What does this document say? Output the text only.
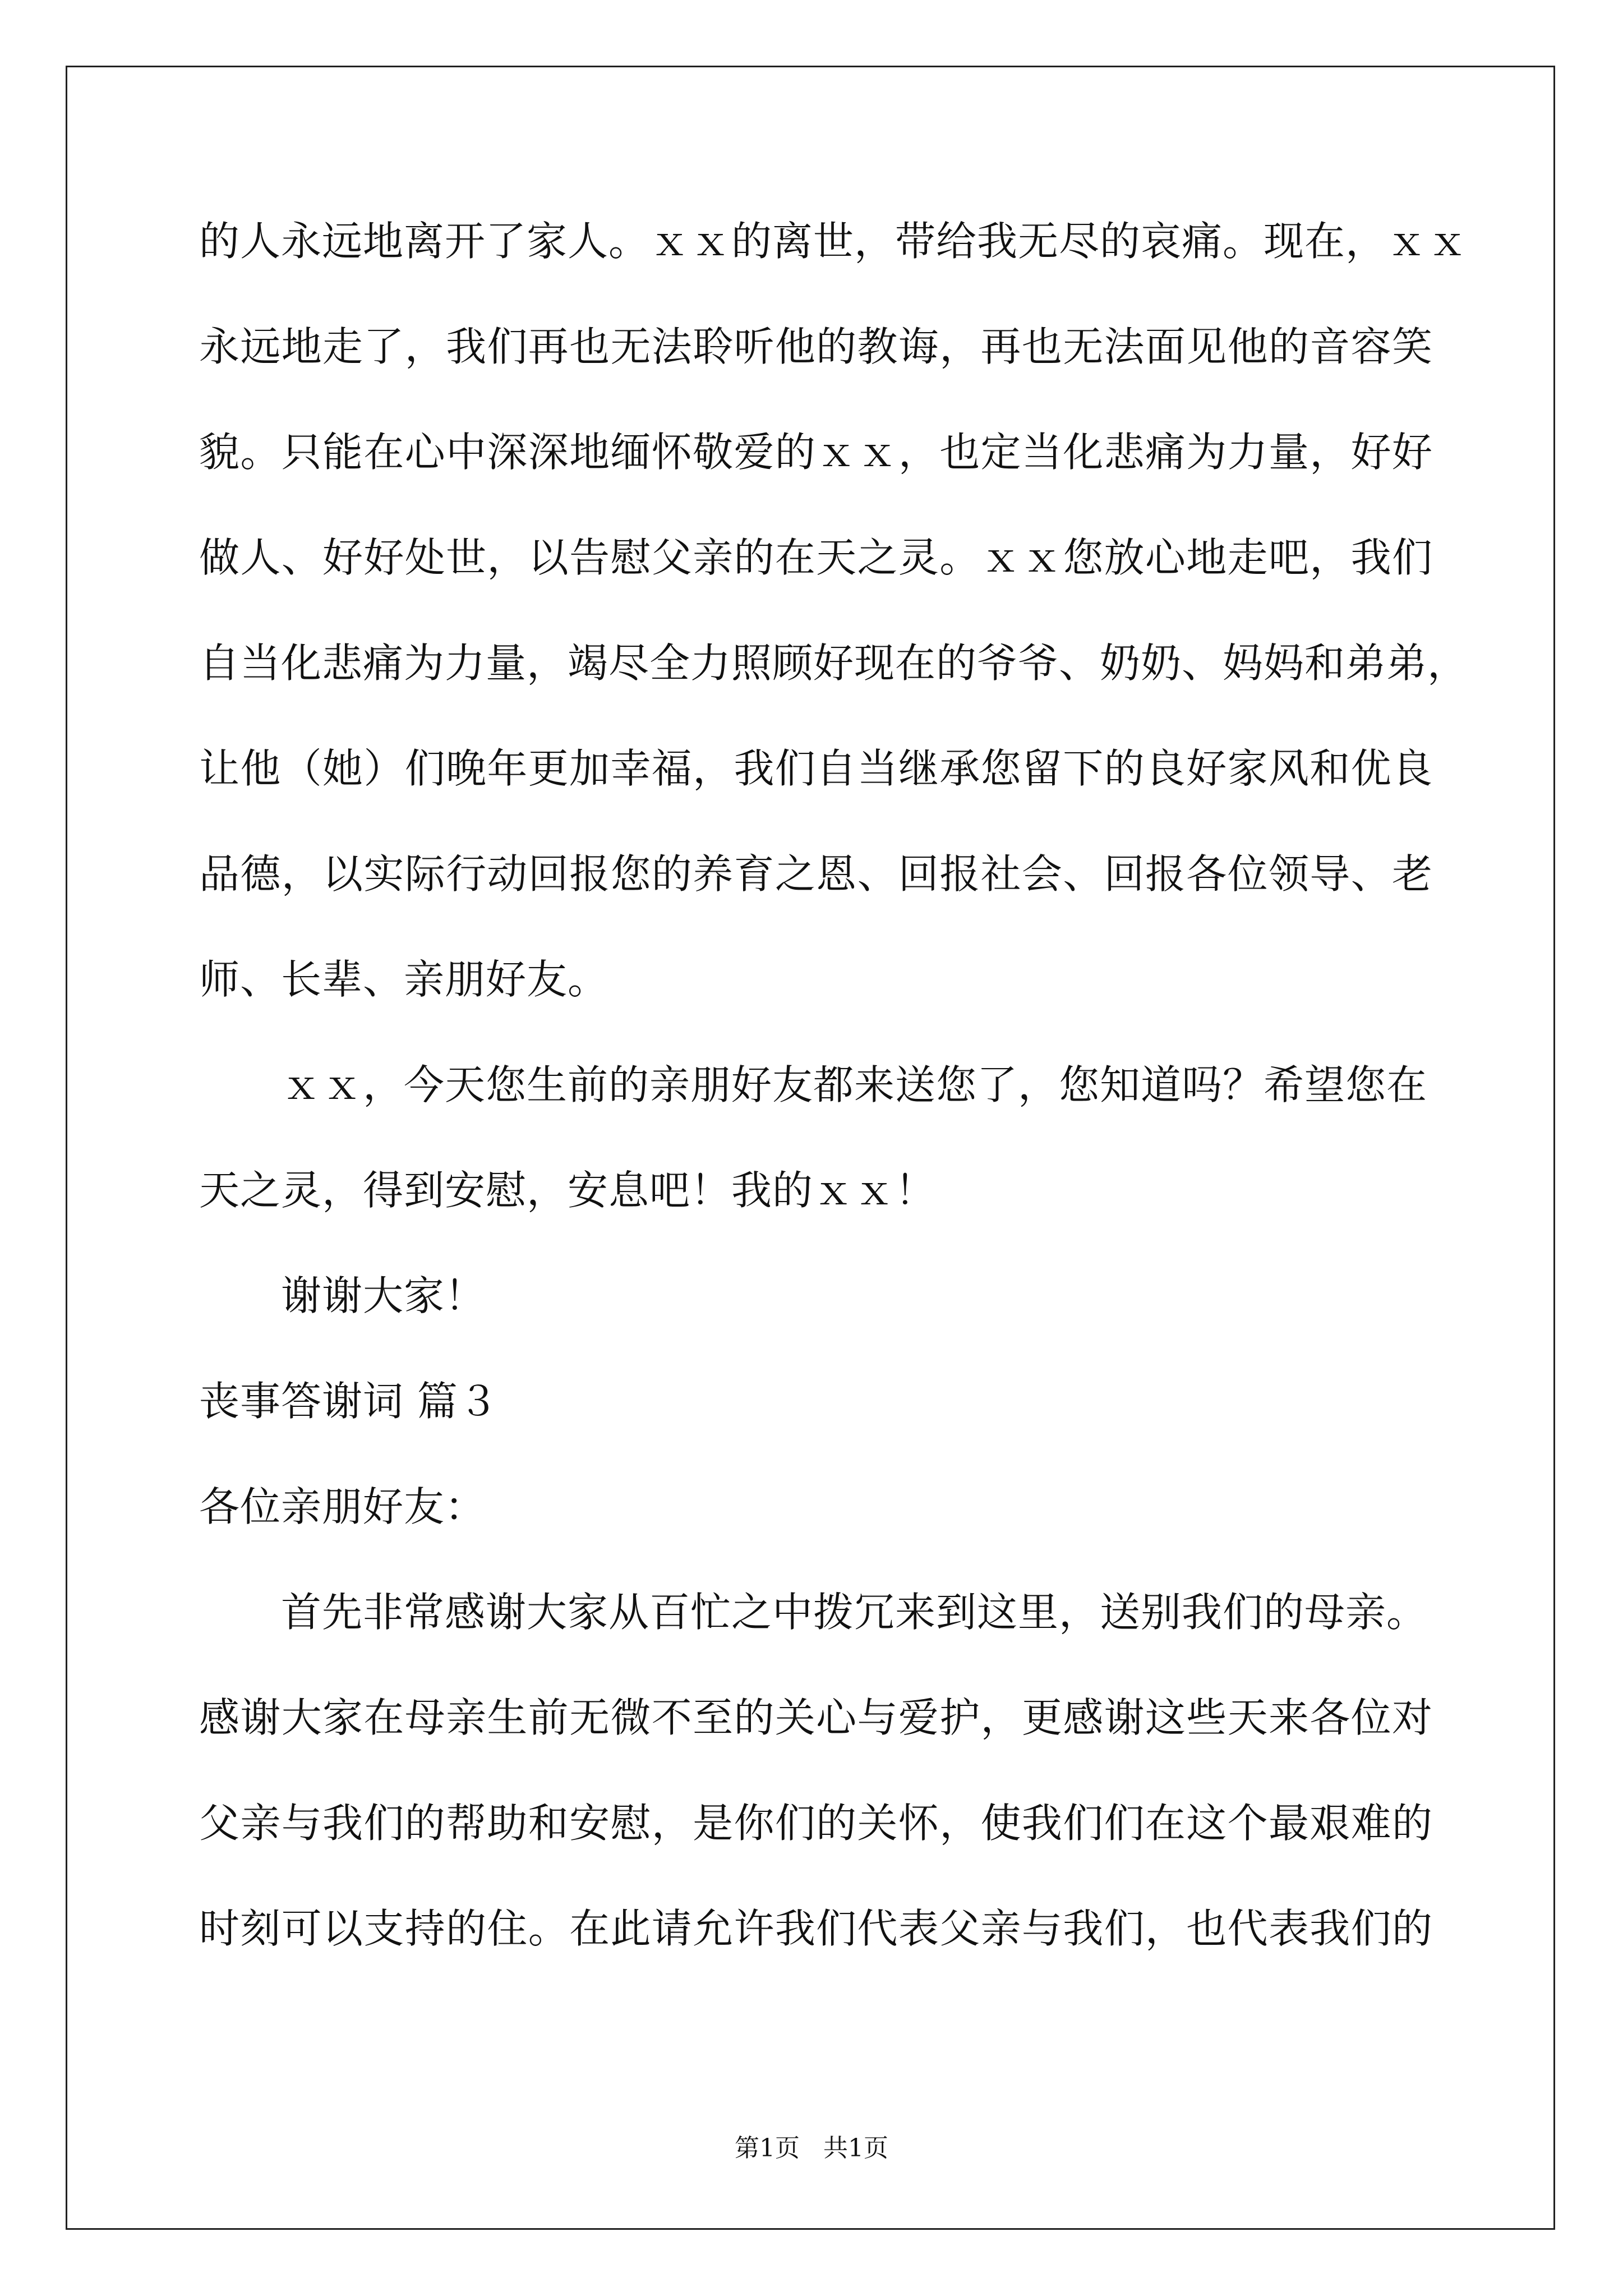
的人永远地离开了家人。ｘｘ的离世，带给我无尽的哀痛。现在，ｘｘ
永远地走了，我们再也无法聆听他的教诲，再也无法面见他的音容笑
貌。只能在心中深深地缅怀敬爱的ｘｘ，也定当化悲痛为力量，好好
做人、好好处世，以告慰父亲的在天之灵。ｘｘ您放心地走吧，我们
自当化悲痛为力量，竭尽全力照顾好现在的爷爷、奶奶、妈妈和弟弟，
让他（她）们晚年更加幸福，我们自当继承您留下的良好家风和优良
品德，以实际行动回报您的养育之恩、回报社会、回报各位领导、老
师、长辈、亲朋好友。
ｘｘ，今天您生前的亲朋好友都来送您了，您知道吗？希望您在
天之灵，得到安慰，安息吧！我的ｘｘ！
谢谢大家！
丧事答谢词 篇３
各位亲朋好友：
首先非常感谢大家从百忙之中拨冗来到这里，送别我们的母亲。
感谢大家在母亲生前无微不至的关心与爱护，更感谢这些天来各位对
父亲与我们的帮助和安慰，是你们的关怀，使我们们在这个最艰难的
时刻可以支持的住。在此请允许我们代表父亲与我们，也代表我们的
第1页 共1页
